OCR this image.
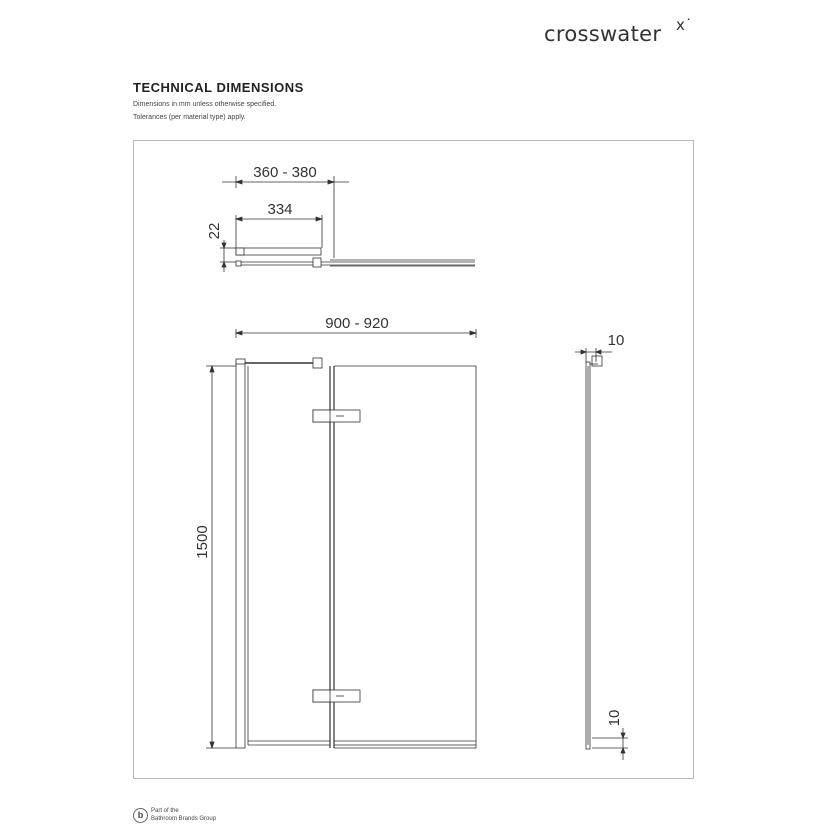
crosswater x˙
TECHNICAL DIMENSIONS
Dimensions in mm unless otherwise specified.
Tolerances (per material type) apply.
360 - 380
334
22
900 - 920
1500
10
10
b	Part of the
Bathroom Brands Group
